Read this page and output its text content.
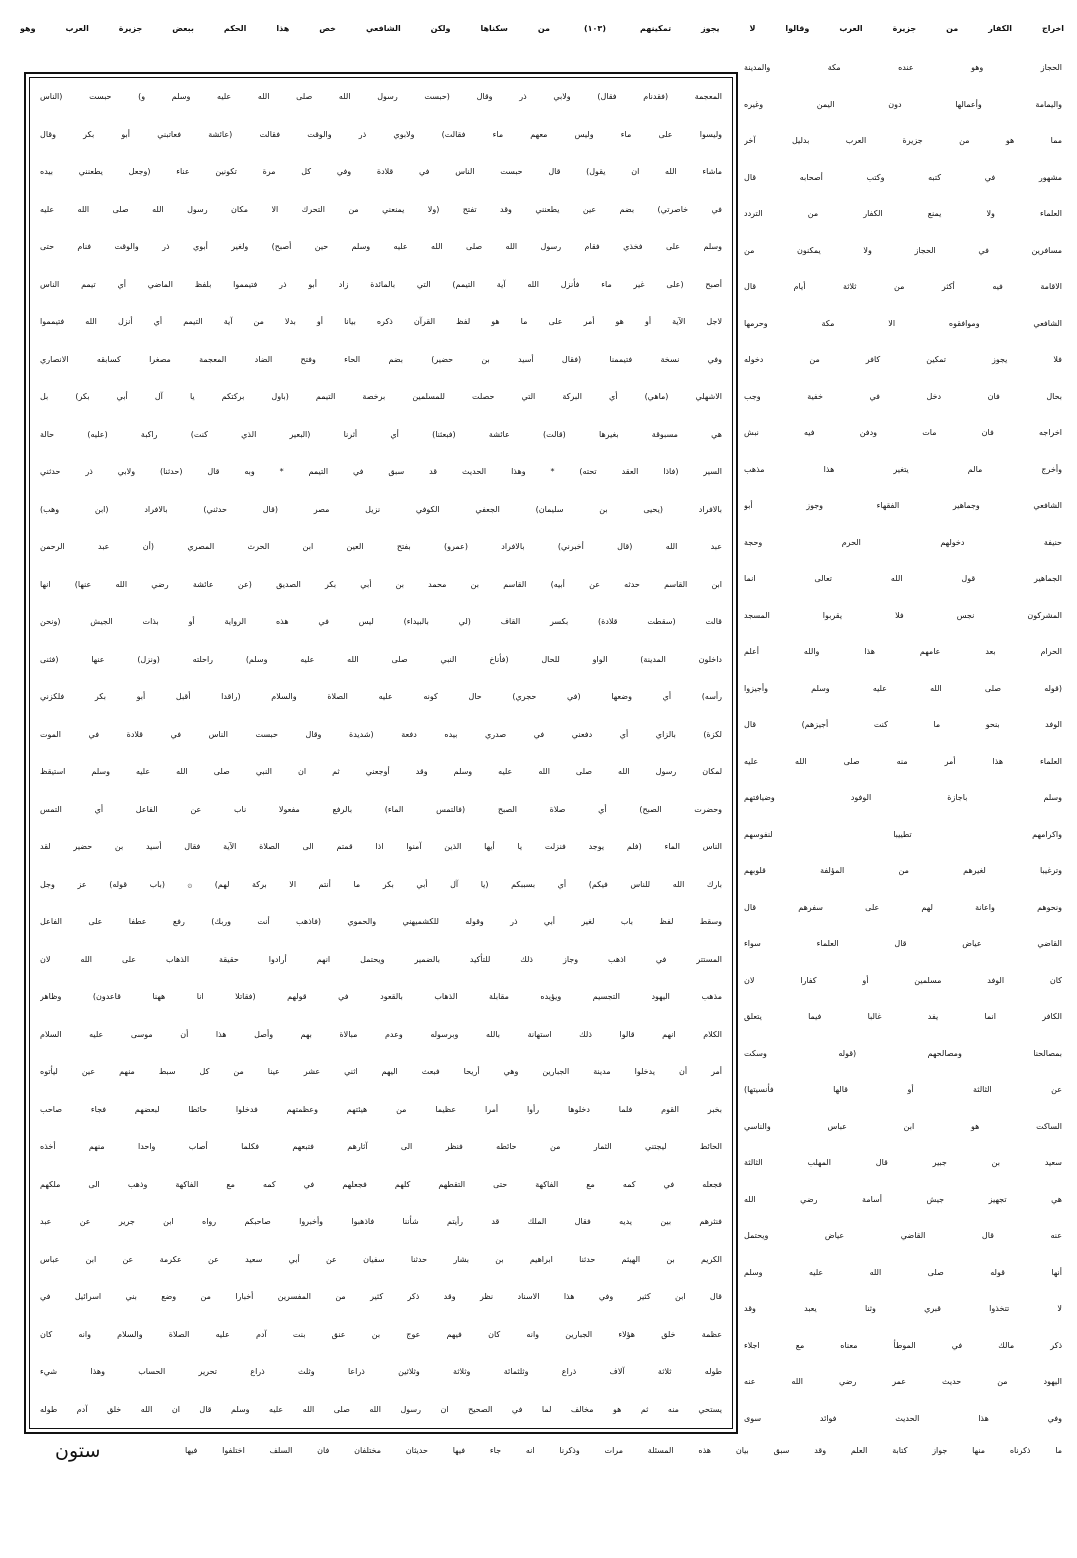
اخراج الكفار من جزيرة العرب وقالوا لا يجوز تمكينهم (١٠٣) من سكناها ولكن الشافعي خص هذا الحكم ببعض جزيرة العرب وهو
الحجاز وهو عنده مكة والمدينة
واليمامة وأعمالها دون اليمن وغيره
مما هو من جزيرة العرب بدليل آخر
مشهور في كتبه وكتب أصحابه قال
العلماء ولا يمنع الكفار من التردد
مسافرين في الحجاز ولا يمكنون من
الاقامة فيه أكثر من ثلاثة أيام قال
الشافعي وموافقوه الا مكة وحرمها
فلا يجوز تمكين كافر من دخوله
بحال فان دخل في خفية وجب
اخراجه فان مات ودفن فيه نبش
وأخرج مالم يتغير هذا مذهب
الشافعي وجماهير الفقهاء وجوز أبو
حنيفة دخولهم الحرم وحجة
الجماهير قول الله تعالى انما
المشركون نجس فلا يقربوا المسجد
الحرام بعد عامهم هذا والله أعلم
(قوله صلى الله عليه وسلم وأجيزوا
الوفد بنحو ما كنت أجيزهم) قال
العلماء هذا أمر منه صلى الله عليه
وسلم باجازة الوفود وضيافتهم
واكرامهم تطييبا لنفوسهم
وترغيبا لغيرهم من المؤلفة قلوبهم
ونحوهم واعانة لهم على سفرهم قال
القاضي عياض قال العلماء سواء
كان الوفد مسلمين أو كفارا لان
الكافر انما يفد غالبا فيما يتعلق
بمصالحنا ومصالحهم (قوله وسكت
عن الثالثة أو قالها فأنسيتها)
الساكت هو ابن عباس والناسي
سعيد بن جبير قال المهلب الثالثة
هي تجهيز جيش أسامة رضي الله
عنه قال القاضي عياض ويحتمل
أنها قوله صلى الله عليه وسلم
لا تتخذوا قبري وثنا يعبد وقد
ذكر مالك في الموطأ معناه مع اجلاء
اليهود من حديث عمر رضي الله عنه
وفي هذا الحديث فوائد سوى
المعجمة (فقدنام فقال) ولابي ذر وقال (حبست رسول الله صلى الله عليه وسلم و) حبست (الناس
وليسوا على ماء وليس معهم ماء فقالت) ولابوي ذر والوقت فقالت (عائشة فعاتبني أبو بكر وقال
ماشاء الله ان يقول) قال حبست الناس في قلادة وفي كل مرة تكونين عناء (وجعل يطعنني بيده
في خاصرتي) بضم عين يطعنني وقد تفتح (ولا يمنعني من التحرك الا مكان رسول الله صلى الله عليه
وسلم على فخذي فقام رسول الله صلى الله عليه وسلم حين أصبح) ولغير أبوي ذر والوقت فنام حتى
أصبح (على غير ماء فأنزل الله آية التيمم) التي بالمائدة زاد أبو ذر فتيمموا بلفظ الماضي أي تيمم الناس
لاجل الآية أو هو أمر على ما هو لفظ القرآن ذكره بيانا أو بدلا من آية التيمم أي أنزل الله فتيمموا
وفي نسخة فتيممنا (فقال أسيد بن حضير) بضم الحاء وفتح الضاد المعجمة مصغرا كسابقه الانصاري
الاشهلي (ماهي) أي البركة التي حصلت للمسلمين برخصة التيمم (باول بركتكم يا آل أبي بكر) بل
هي مسبوقة بغيرها (قالت) عائشة (فبعثنا) أي أثرنا (البعير الذي كنت) راكبة (عليه) حالة
السير (فاذا العقد تحته) * وهذا الحديث قد سبق في التيمم * وبه قال (حدثنا) ولابي ذر حدثني
بالافراد (يحيى بن سليمان) الجعفي الكوفي نزيل مصر (قال حدثني) بالافراد (ابن وهب)
عبد الله (قال أخبرني) بالافراد (عمرو) بفتح العين ابن الحرث المصري (أن عبد الرحمن
ابن القاسم حدثه عن أبيه) القاسم بن محمد بن أبي بكر الصديق (عن عائشة رضي الله عنها) انها
قالت (سقطت قلادة) بكسر القاف (لي بالبيداء) ليس في هذه الرواية أو بذات الجيش (ونحن
داخلون المدينة) الواو للحال (فأناخ النبي صلى الله عليه وسلم) راحلته (ونزل) عنها (فثنى
رأسه) أي وضعها (في حجري) حال كونه عليه الصلاة والسلام (راقدا أقبل أبو بكر فلكزني
لكزة) بالزاي أي دفعني في صدري بيده دفعة (شديدة وقال حبست الناس في قلادة في الموت
لمكان رسول الله صلى الله عليه وسلم وقد أوجعني ثم ان النبي صلى الله عليه وسلم استيقظ
وحضرت الصبح) أي صلاة الصبح (فالتمس الماء) بالرفع مفعولا ناب عن الفاعل أي التمس
الناس الماء (فلم يوجد فنزلت يا أيها الذين آمنوا اذا قمتم الى الصلاة الآية فقال أسيد بن حضير لقد
بارك الله للناس فيكم) أي بسببكم (يا آل أبي بكر ما أنتم الا بركة لهم) ۞ (باب قوله) عز وجل
وسقط لفظ باب لغير أبي ذر وقوله للكشميهني والحموي (فاذهب أنت وربك) رفع عطفا على الفاعل
المستتر في اذهب وجاز ذلك للتأكيد بالضمير ويحتمل انهم أرادوا حقيقة الذهاب على الله لان
مذهب اليهود التجسيم ويؤيده مقابلة الذهاب بالقعود في قولهم (فقاتلا انا ههنا قاعدون) وظاهر
الكلام انهم قالوا ذلك استهانة بالله وبرسوله وعدم مبالاة بهم وأصل هذا أن موسى عليه السلام
أمر أن يدخلوا مدينة الجبارين وهي أريحا فبعث اليهم اثني عشر عينا من كل سبط منهم عين ليأتوه
بخبر القوم فلما دخلوها رأوا أمرا عظيما من هيئتهم وعظمتهم فدخلوا حائطا لبعضهم فجاء صاحب
الحائط ليجتني الثمار من حائطه فنظر الى آثارهم فتبعهم فكلما أصاب واحدا منهم أخذه
فجعله في كمه مع الفاكهة حتى التقطهم كلهم فجعلهم في كمه مع الفاكهة وذهب الى ملكهم
فنثرهم بين يديه فقال الملك قد رأيتم شأننا فاذهبوا وأخبروا صاحبكم رواه ابن جرير عن عبد
الكريم بن الهيثم حدثنا ابراهيم بن بشار حدثنا سفيان عن أبي سعيد عن عكرمة عن ابن عباس
قال ابن كثير وفي هذا الاسناد نظر وقد ذكر كثير من المفسرين أخبارا من وضع بني اسرائيل في
عظمة خلق هؤلاء الجبارين وانه كان فيهم عوج بن عنق بنت آدم عليه الصلاة والسلام وانه كان
طوله ثلاثة آلاف ذراع وثلثمائة وثلاثة وثلاثين ذراعا وثلث ذراع تحرير الحساب وهذا شيء
يستحي منه ثم هو مخالف لما في الصحيح ان رسول الله صلى الله عليه وسلم قال ان الله خلق آدم طوله
ما ذكرناه منها جواز كتابة العلم وقد سبق بيان هذه المسئلة مرات وذكرنا انه جاء فيها حديثان مختلفان فان السلف اختلفوا فيها
ستون
